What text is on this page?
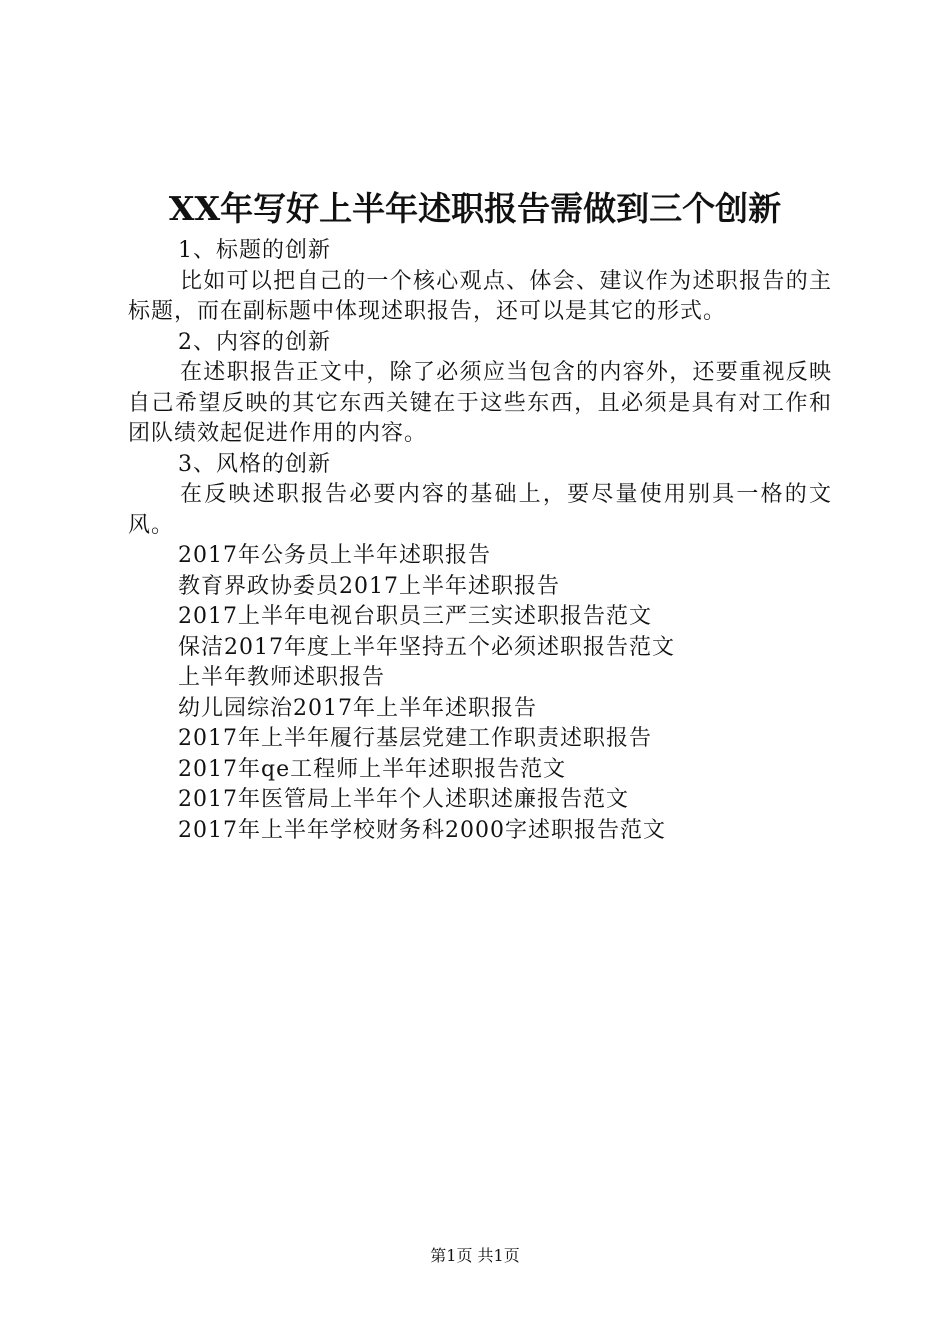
XX年写好上半年述职报告需做到三个创新
1、标题的创新
比如可以把自己的一个核心观点、体会、建议作为述职报告的主标题，而在副标题中体现述职报告，还可以是其它的形式。
2、内容的创新
在述职报告正文中，除了必须应当包含的内容外，还要重视反映自己希望反映的其它东西关键在于这些东西，且必须是具有对工作和团队绩效起促进作用的内容。
3、风格的创新
在反映述职报告必要内容的基础上，要尽量使用别具一格的文风。
2017年公务员上半年述职报告
教育界政协委员2017上半年述职报告
2017上半年电视台职员三严三实述职报告范文
保洁2017年度上半年坚持五个必须述职报告范文
上半年教师述职报告
幼儿园综治2017年上半年述职报告
2017年上半年履行基层党建工作职责述职报告
2017年qe工程师上半年述职报告范文
2017年医管局上半年个人述职述廉报告范文
2017年上半年学校财务科2000字述职报告范文
第1页 共1页
